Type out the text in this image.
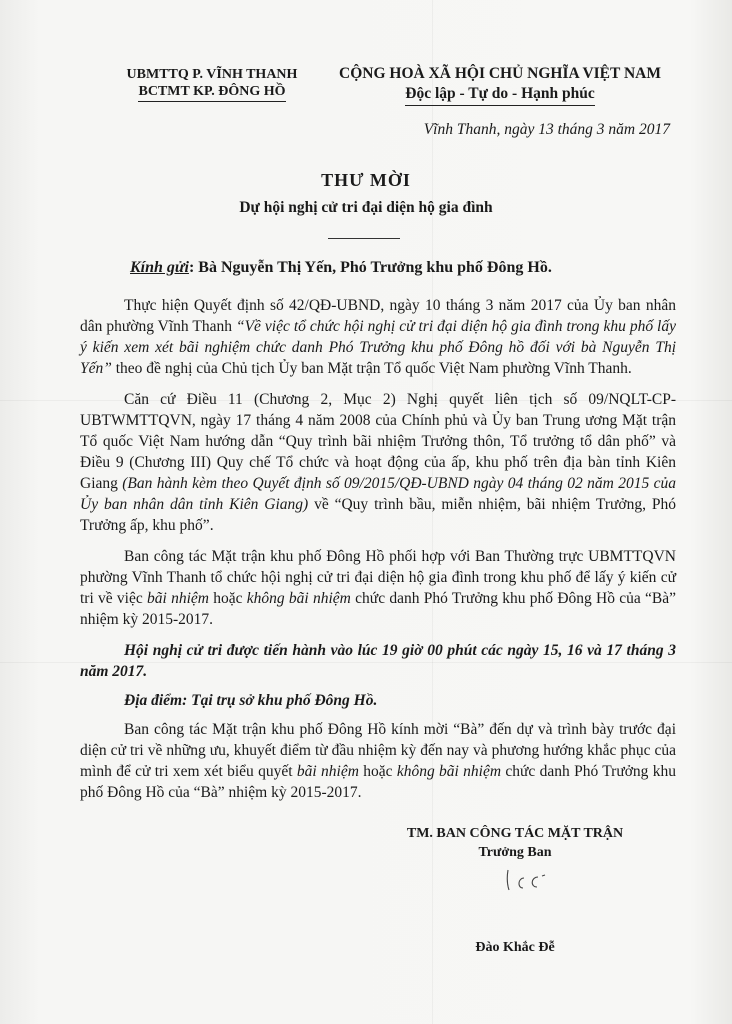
UBMTTQ P. VĨNH THANH
BCTMT KP. ĐÔNG HỒ
CỘNG HOÀ XÃ HỘI CHỦ NGHĨA VIỆT NAM
Độc lập - Tự do - Hạnh phúc
Vĩnh Thanh, ngày 13 tháng 3 năm 2017
THƯ MỜI
Dự hội nghị cử tri đại diện hộ gia đình
Kính gửi: Bà Nguyễn Thị Yến, Phó Trưởng khu phố Đông Hồ.

Thực hiện Quyết định số 42/QĐ-UBND, ngày 10 tháng 3 năm 2017 của Ủy ban nhân dân phường Vĩnh Thanh “Về việc tổ chức hội nghị cử tri đại diện hộ gia đình trong khu phố lấy ý kiến xem xét bãi nghiệm chức danh Phó Trưởng khu phố Đông hồ đối với bà Nguyễn Thị Yến” theo đề nghị của Chủ tịch Ủy ban Mặt trận Tổ quốc Việt Nam phường Vĩnh Thanh.

Căn cứ Điều 11 (Chương 2, Mục 2) Nghị quyết liên tịch số 09/NQLT-CP-UBTWMTTQVN, ngày 17 tháng 4 năm 2008 của Chính phủ và Ủy ban Trung ương Mặt trận Tổ quốc Việt Nam hướng dẫn “Quy trình bãi nhiệm Trưởng thôn, Tổ trưởng tổ dân phố” và Điều 9 (Chương III) Quy chế Tổ chức và hoạt động của ấp, khu phố trên địa bàn tỉnh Kiên Giang (Ban hành kèm theo Quyết định số 09/2015/QĐ-UBND ngày 04 tháng 02 năm 2015 của Ủy ban nhân dân tỉnh Kiên Giang) về “Quy trình bầu, miễn nhiệm, bãi nhiệm Trưởng, Phó Trưởng ấp, khu phố”.

Ban công tác Mặt trận khu phố Đông Hồ phối hợp với Ban Thường trực UBMTTQVN phường Vĩnh Thanh tổ chức hội nghị cử tri đại diện hộ gia đình trong khu phố để lấy ý kiến cử tri về việc bãi nhiệm hoặc không bãi nhiệm chức danh Phó Trưởng khu phố Đông Hồ của “Bà” nhiệm kỳ 2015-2017.

Hội nghị cử tri được tiến hành vào lúc 19 giờ 00 phút các ngày 15, 16 và 17 tháng 3 năm 2017.

Địa điểm: Tại trụ sở khu phố Đông Hồ.

Ban công tác Mặt trận khu phố Đông Hồ kính mời “Bà” đến dự và trình bày trước đại diện cử tri về những ưu, khuyết điểm từ đầu nhiệm kỳ đến nay và phương hướng khắc phục của mình để cử tri xem xét biểu quyết bãi nhiệm hoặc không bãi nhiệm chức danh Phó Trưởng khu phố Đông Hồ của “Bà” nhiệm kỳ 2015-2017.

TM. BAN CÔNG TÁC MẶT TRẬN
Trưởng Ban
Đào Khắc Đễ
